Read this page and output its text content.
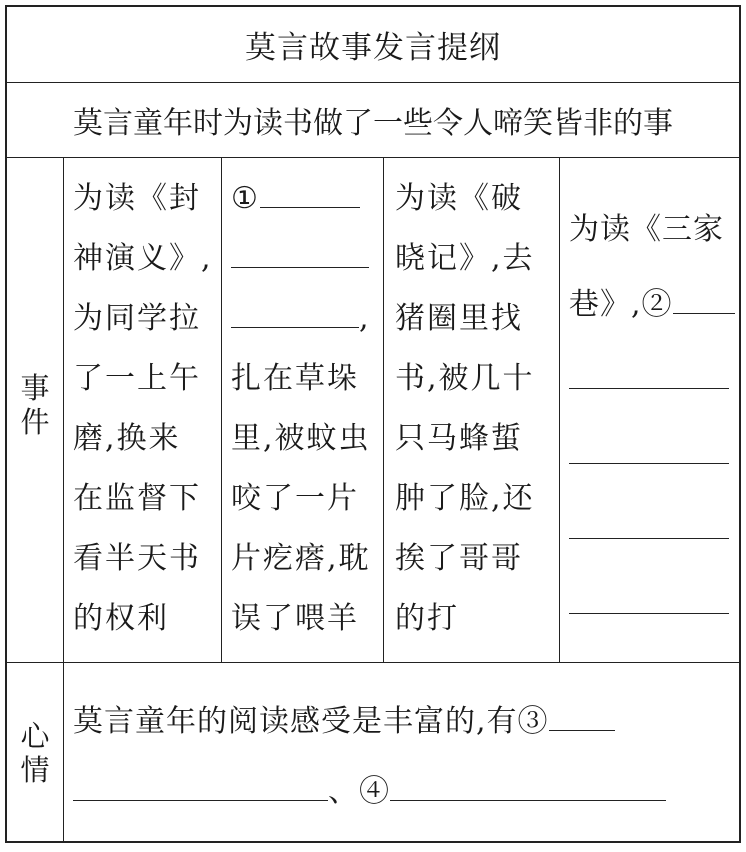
莫言故事发言提纲
莫言童年时为读书做了一些令人啼笑皆非的事
事
件
心
情
为读《封
神演义》,
为同学拉
了一上午
磨,换来
在监督下
看半天书
的权利
①
,
扎在草垛
里,被蚊虫
咬了一片
片疙瘩,耽
误了喂羊
为读《破
晓记》,去
猪圈里找
书,被几十
只马蜂蜇
肿了脸,还
挨了哥哥
的打
为读《三家
巷》,②
莫言童年的阅读感受是丰富的,有③
、④
